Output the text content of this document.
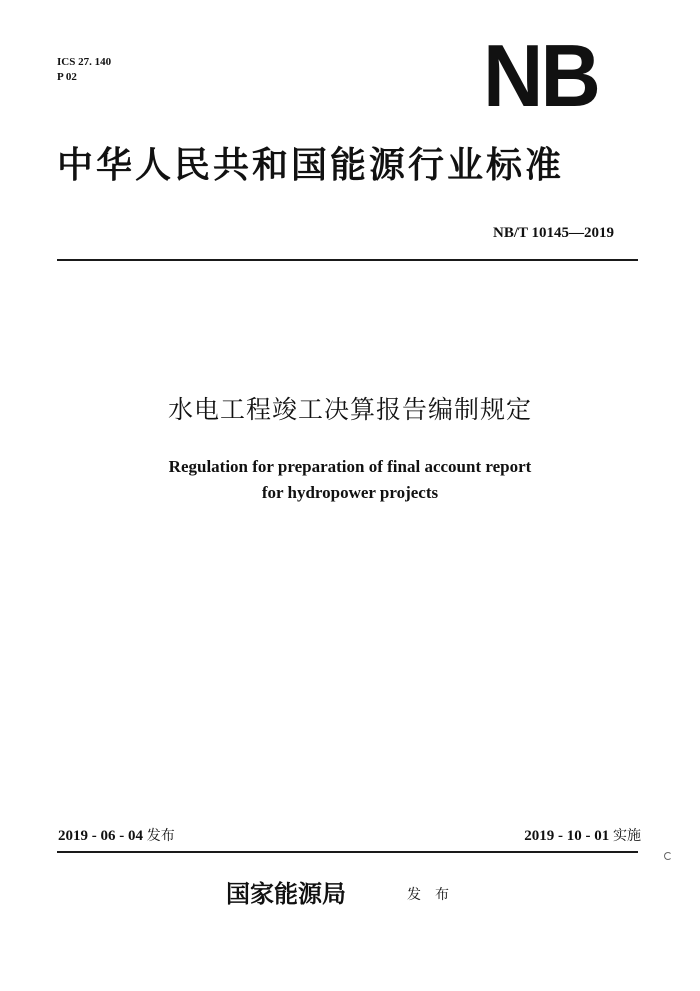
ICS 27. 140
P 02	NB
中华人民共和国能源行业标准
NB/T 10145—2019
水电工程竣工决算报告编制规定
Regulation for preparation of final account report
for hydropower projects
2019 - 06 - 04 发布	2019 - 10 - 01 实施
国家能源局	发布
